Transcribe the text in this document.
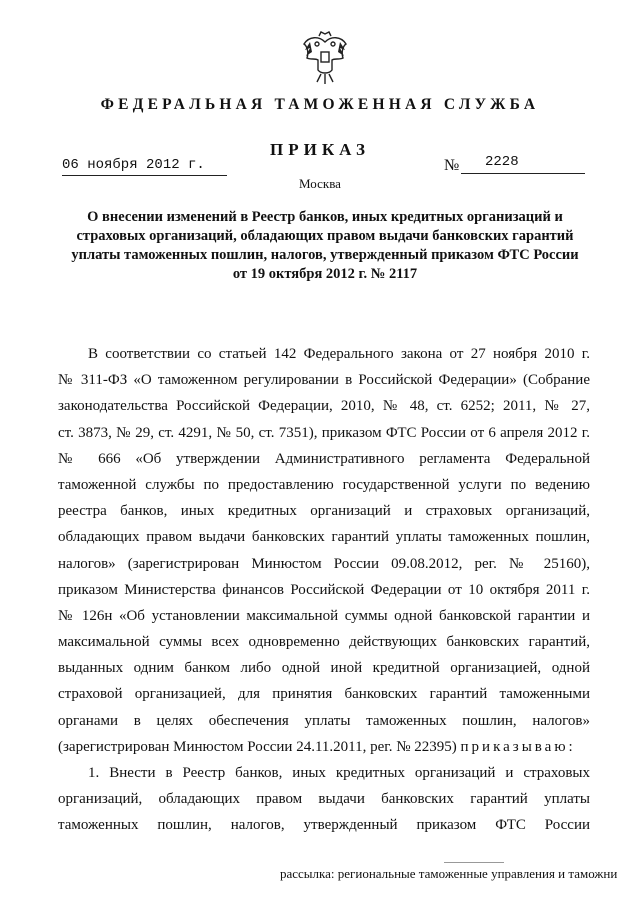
ФЕДЕРАЛЬНАЯ ТАМОЖЕННАЯ СЛУЖБА
ПРИКАЗ
06 ноября 2012 г.	№ 2228
Москва
О внесении изменений в Реестр банков, иных кредитных организаций и
страховых организаций, обладающих правом выдачи банковских гарантий
уплаты таможенных пошлин, налогов, утвержденный приказом ФТС России
от 19 октября 2012 г. № 2117
В соответствии со статьей 142 Федерального закона от 27 ноября 2010 г.
№ 311-ФЗ «О таможенном регулировании в Российской Федерации» (Собрание
законодательства Российской Федерации, 2010, № 48, ст. 6252; 2011, № 27,
ст. 3873, № 29, ст. 4291, № 50, ст. 7351), приказом ФТС России от 6 апреля 2012 г.
№ 666 «Об утверждении Административного регламента Федеральной
таможенной службы по предоставлению государственной услуги по ведению
реестра банков, иных кредитных организаций и страховых организаций,
обладающих правом выдачи банковских гарантий уплаты таможенных пошлин,
налогов» (зарегистрирован Минюстом России 09.08.2012, рег. № 25160),
приказом Министерства финансов Российской Федерации от 10 октября 2011 г.
№ 126н «Об установлении максимальной суммы одной банковской гарантии и
максимальной суммы всех одновременно действующих банковских гарантий,
выданных одним банком либо одной иной кредитной организацией, одной
страховой организацией, для принятия банковских гарантий таможенными
органами в целях обеспечения уплаты таможенных пошлин, налогов»
(зарегистрирован Минюстом России 24.11.2011, рег. № 22395) приказываю:
1. Внести в Реестр банков, иных кредитных организаций и страховых
организаций, обладающих правом выдачи банковских гарантий уплаты
таможенных пошлин, налогов, утвержденный приказом ФТС России
рассылка: региональные таможенные управления и таможни
